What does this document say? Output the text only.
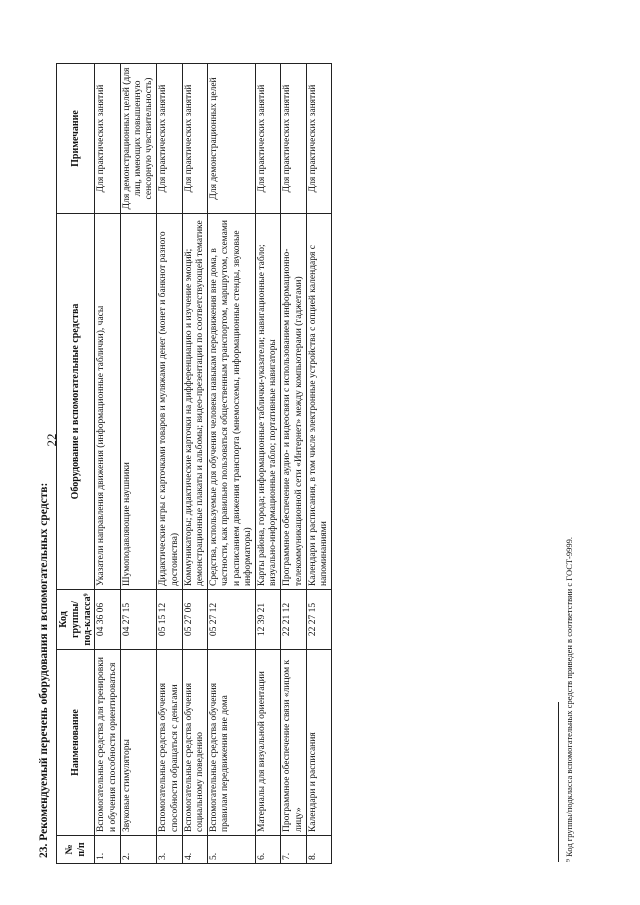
22
23. Рекомендуемый перечень оборудования и вспомогательных средств: № п/п	Наименование	Код группы/под-класса⁹	Оборудование и вспомогательные средства	Примечание
1.	Вспомогательные средства для тренировки и обучения способности ориентироваться	04 36 06	Указатели направления движения (информационные таблички), часы	Для практических занятий
2.	Звуковые стимуляторы	04 27 15	Шумоподавляющие наушники	Для демонстрационных целей (для лиц, имеющих повышенную сенсорную чувствительность)
3.	Вспомогательные средства обучения способности обращаться с деньгами	05 15 12	Дидактические игры с карточками товаров и муляжами денег (монет и банкнот разного достоинства)	Для практических занятий
4.	Вспомогательные средства обучения социальному поведению	05 27 06	Коммуникаторы; дидактические карточки на дифференциацию и изучение эмоций; демонстрационные плакаты и альбомы; видео-презентации по соответствующей тематике	Для практических занятий
5.	Вспомогательные средства обучения правилам передвижения вне дома	05 27 12	Средства, используемые для обучения человека навыкам передвижения вне дома, в частности, как правильно пользоваться общественным транспортом, маршрутом, схемами и расписанием движения транспорта (мнемосхемы, информационные стенды, звуковые информаторы)	Для демонстрационных целей
6.	Материалы для визуальной ориентации	12 39 21	Карты района, города; информационные таблички-указатели; навигационные табло; визуально-информационные табло; портативные навигаторы	Для практических занятий
7.	Программное обеспечение связи «лицом к лицу»	22 21 12	Программное обеспечение аудио- и видеосвязи с использованием информационно-телекоммуникационной сети «Интернет» между компьютерами (гаджетами)	Для практических занятий
8.	Календари и расписания	22 27 15	Календари и расписания, в том числе электронные устройства с опцией календаря с напоминаниями	Для практических занятий
⁹ Код группы/подкласса вспомогательных средств приведен в соответствии с ГОСТ-9999.
